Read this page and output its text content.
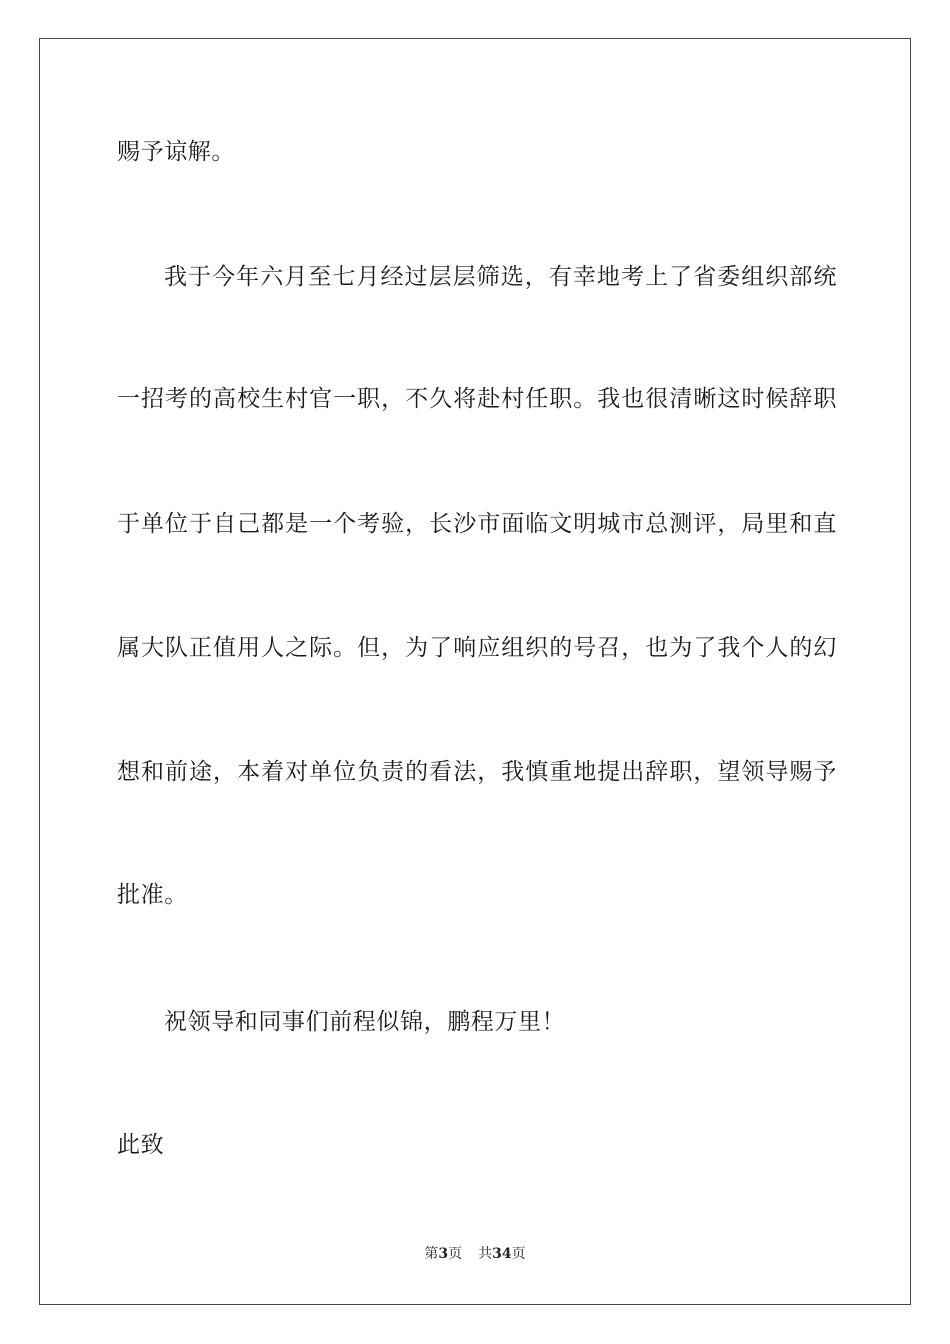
赐予谅解。
我于今年六月至七月经过层层筛选，有幸地考上了省委组织部统
一招考的高校生村官一职，不久将赴村任职。我也很清晰这时候辞职
于单位于自己都是一个考验，长沙市面临文明城市总测评，局里和直
属大队正值用人之际。但，为了响应组织的号召，也为了我个人的幻
想和前途，本着对单位负责的看法，我慎重地提出辞职，望领导赐予
批准。
祝领导和同事们前程似锦，鹏程万里！
此致
第3页 共34页
